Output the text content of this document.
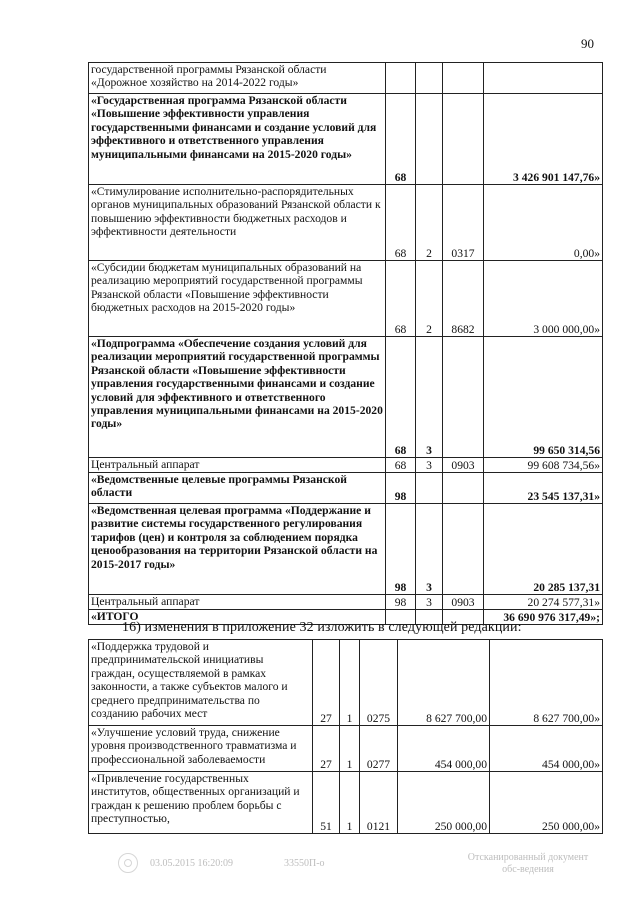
90
государственной программы Рязанской области «Дорожное хозяйство на 2014-2022 годы»				
«Государственная программа Рязанской области «Повышение эффективности управления государственными финансами и создание условий для эффективного и ответственного управления муниципальными финансами на 2015-2020 годы»	68			3 426 901 147,76»
«Стимулирование исполнительно-распорядительных органов муниципальных образований Рязанской области к повышению эффективности бюджетных расходов и эффективности деятельности	68	2	0317	0,00»
«Субсидии бюджетам муниципальных образований на реализацию мероприятий государственной программы Рязанской области «Повышение эффективности бюджетных расходов на 2015-2020 годы»	68	2	8682	3 000 000,00»
«Подпрограмма «Обеспечение создания условий для реализации мероприятий государственной программы Рязанской области «Повышение эффективности управления государственными финансами и создание условий для эффективного и ответственного управления муниципальными финансами на 2015-2020 годы»	68	3		99 650 314,56
Центральный аппарат	68	3	0903	99 608 734,56»
«Ведомственные целевые программы Рязанской области	98			23 545 137,31»
«Ведомственная целевая программа «Поддержание и развитие системы государственного регулирования тарифов (цен) и контроля за соблюдением порядка ценообразования на территории Рязанской области на 2015-2017 годы»	98	3		20 285 137,31
Центральный аппарат	98	3	0903	20 274 577,31»
«ИТОГО				36 690 976 317,49»;
16) изменения в приложение 32 изложить в следующей редакции:
«Поддержка трудовой и предпринимательской инициативы граждан, осуществляемой в рамках законности, а также субъектов малого и среднего предпринимательства по созданию рабочих мест	27	1	0275	8 627 700,00	8 627 700,00»
«Улучшение условий труда, снижение уровня производственного травматизма и профессиональной заболеваемости	27	1	0277	454 000,00	454 000,00»
«Привлечение государственных институтов, общественных организаций и граждан к решению проблем борьбы с преступностью,	51	1	0121	250 000,00	250 000,00»
03.05.2015 16:20:09	33550П-о
Отсканированный документ
обс-ведения
